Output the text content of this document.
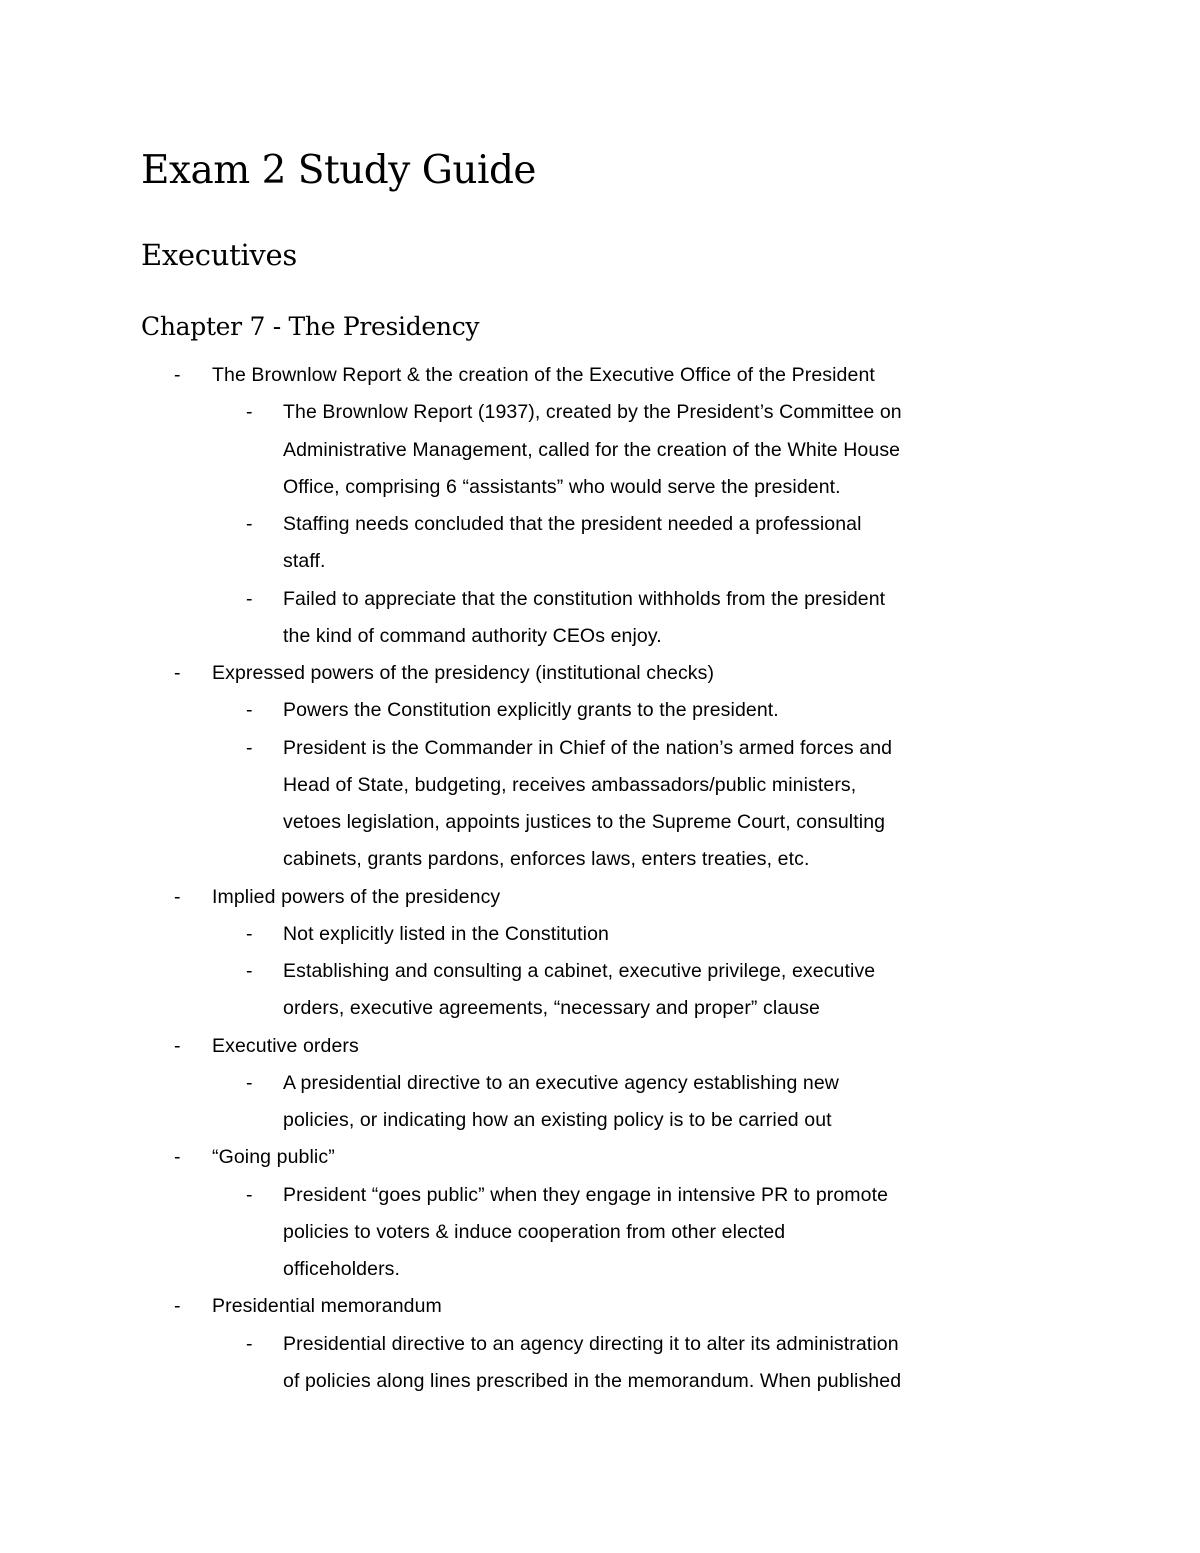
Exam 2 Study Guide
Executives
Chapter 7 - The Presidency
- The Brownlow Report & the creation of the Executive Office of the President
- The Brownlow Report (1937), created by the President’s Committee on
Administrative Management, called for the creation of the White House
Office, comprising 6 “assistants” who would serve the president.
- Staffing needs concluded that the president needed a professional
staff.
- Failed to appreciate that the constitution withholds from the president
the kind of command authority CEOs enjoy.
- Expressed powers of the presidency (institutional checks)
- Powers the Constitution explicitly grants to the president.
- President is the Commander in Chief of the nation’s armed forces and
Head of State, budgeting, receives ambassadors/public ministers,
vetoes legislation, appoints justices to the Supreme Court, consulting
cabinets, grants pardons, enforces laws, enters treaties, etc.
- Implied powers of the presidency
- Not explicitly listed in the Constitution
- Establishing and consulting a cabinet, executive privilege, executive
orders, executive agreements, “necessary and proper” clause
- Executive orders
- A presidential directive to an executive agency establishing new
policies, or indicating how an existing policy is to be carried out
- “Going public”
- President “goes public” when they engage in intensive PR to promote
policies to voters & induce cooperation from other elected
officeholders.
- Presidential memorandum
- Presidential directive to an agency directing it to alter its administration
of policies along lines prescribed in the memorandum. When published
